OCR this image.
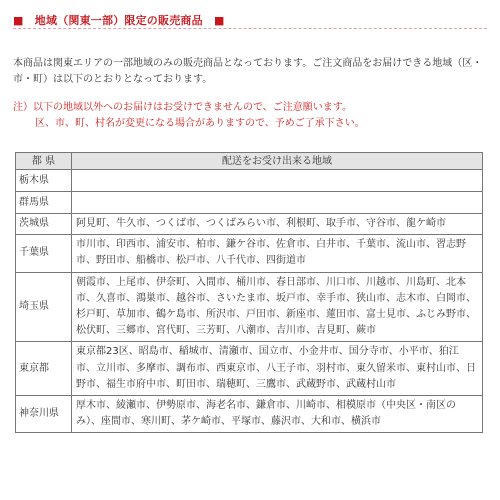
■　地域（関東一部）限定の販売商品　■
本商品は関東エリアの一部地域のみの販売商品となっております。ご注文商品をお届けできる地域（区・市・町）は以下のとおりとなっております。
注）以下の地域以外へのお届けはお受けできませんので、ご注意願います。
区、市、町、村名が変更になる場合がありますので、予めご了承下さい。
都 県	配送をお受け出来る地域
栃木県	
群馬県	
茨城県	阿見町、牛久市、つくば市、つくばみらい市、利根町、取手市、守谷市、龍ケ崎市
千葉県	市川市、印西市、浦安市、柏市、鎌ケ谷市、佐倉市、白井市、千葉市、流山市、習志野市、野田市、船橋市、松戸市、八千代市、四街道市
埼玉県	朝霞市、上尾市、伊奈町、入間市、桶川市、春日部市、川口市、川越市、川島町、北本市、久喜市、鴻巣市、越谷市、さいたま市、坂戸市、幸手市、狭山市、志木市、白岡市、杉戸町、草加市、鶴ケ島市、所沢市、戸田市、新座市、蓮田市、富士見市、ふじみ野市、松伏町、三郷市、宮代町、三芳町、八潮市、吉川市、吉見町、蕨市
東京都	東京都23区、昭島市、稲城市、清瀬市、国立市、小金井市、国分寺市、小平市、狛江市、立川市、多摩市、調布市、西東京市、八王子市、羽村市、東久留米市、東村山市、日野市、福生市府中市、町田市、瑞穂町、三鷹市、武蔵野市、武蔵村山市
神奈川県	厚木市、綾瀬市、伊勢原市、海老名市、鎌倉市、川崎市、相模原市（中央区・南区のみ）、座間市、寒川町、茅ケ崎市、平塚市、藤沢市、大和市、横浜市
